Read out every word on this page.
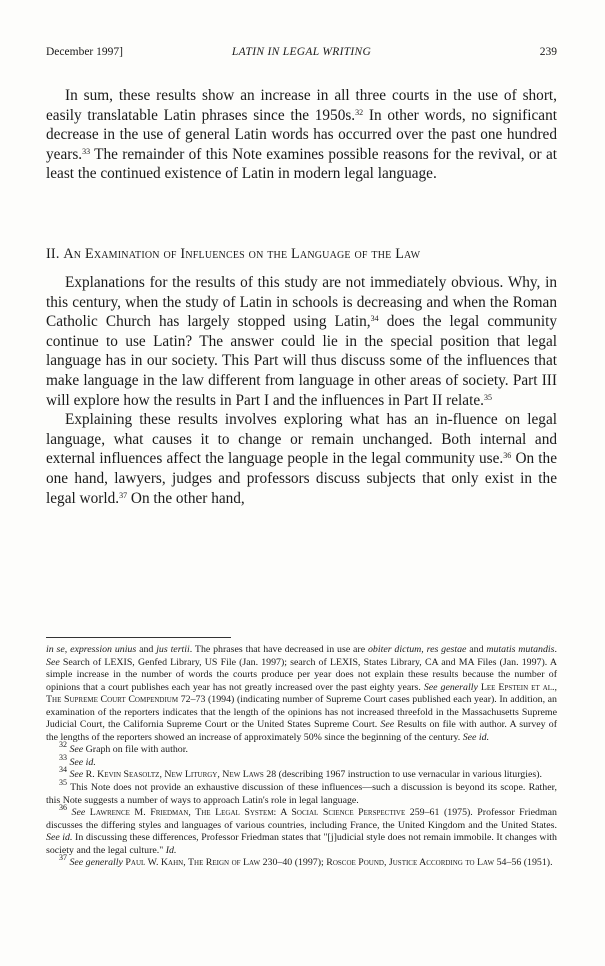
December 1997]	LATIN IN LEGAL WRITING	239

In sum, these results show an increase in all three courts in the use of short, easily translatable Latin phrases since the 1950s.$^{32}$ In other words, no significant decrease in the use of general Latin words has occurred over the past one hundred years.$^{33}$ The remainder of this Note examines possible reasons for the revival, or at least the continued existence of Latin in modern legal language.

II. An Examination of Influences on the Language of the Law

Explanations for the results of this study are not immediately obvious. Why, in this century, when the study of Latin in schools is decreasing and when the Roman Catholic Church has largely stopped using Latin,$^{34}$ does the legal community continue to use Latin? The answer could lie in the special position that legal language has in our society. This Part will thus discuss some of the influences that make language in the law different from language in other areas of society. Part III will explore how the results in Part I and the influences in Part II relate.$^{35}$

Explaining these results involves exploring what has an in-fluence on legal language, what causes it to change or remain unchanged. Both internal and external influences affect the language people in the legal community use.$^{36}$ On the one hand, lawyers, judges and professors discuss subjects that only exist in the legal world.$^{37}$ On the other hand,

in se, expression unius and jus tertii. The phrases that have decreased in use are obiter dictum, res gestae and mutatis mutandis. See Search of LEXIS, Genfed Library, US File (Jan. 1997); search of LEXIS, States Library, CA and MA Files (Jan. 1997). A simple increase in the number of words the courts produce per year does not explain these results because the number of opinions that a court publishes each year has not greatly increased over the past eighty years. See generally Lee Epstein et al., The Supreme Court Compendium 72–73 (1994) (indicating number of Supreme Court cases published each year). In addition, an examination of the reporters indicates that the length of the opinions has not increased threefold in the Massachusetts Supreme Judicial Court, the California Supreme Court or the United States Supreme Court. See Results on file with author. A survey of the lengths of the reporters showed an increase of approximately 50% since the beginning of the century. See id.

$^{32}$ See Graph on file with author.

$^{33}$ See id.

$^{34}$ See R. Kevin Seasoltz, New Liturgy, New Laws 28 (describing 1967 instruction to use vernacular in various liturgies).

$^{35}$ This Note does not provide an exhaustive discussion of these influences—such a discussion is beyond its scope. Rather, this Note suggests a number of ways to approach Latin's role in legal language.

$^{36}$ See Lawrence M. Friedman, The Legal System: A Social Science Perspective 259–61 (1975). Professor Friedman discusses the differing styles and languages of various countries, including France, the United Kingdom and the United States. See id. In discussing these differences, Professor Friedman states that "[j]udicial style does not remain immobile. It changes with society and the legal culture." Id.

$^{37}$ See generally Paul W. Kahn, The Reign of Law 230–40 (1997); Roscoe Pound, Justice According to Law 54–56 (1951).
